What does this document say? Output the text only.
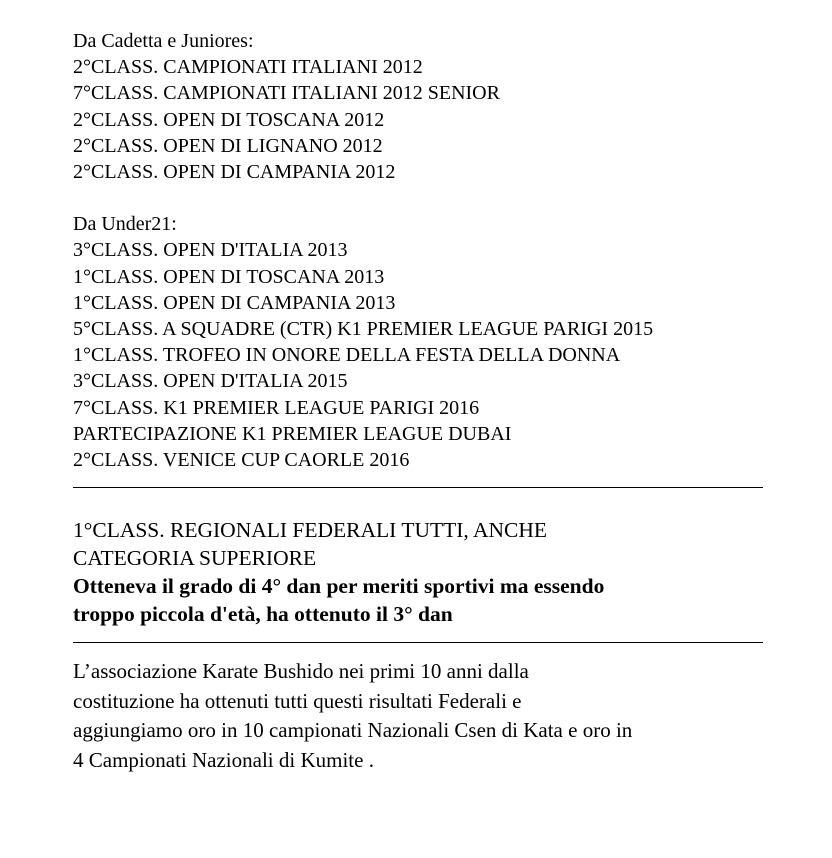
Da Cadetta e Juniores:
2°CLASS. CAMPIONATI ITALIANI 2012
7°CLASS. CAMPIONATI ITALIANI 2012 SENIOR
2°CLASS. OPEN DI TOSCANA 2012
2°CLASS. OPEN DI LIGNANO 2012
2°CLASS. OPEN DI CAMPANIA 2012
Da Under21:
3°CLASS. OPEN D'ITALIA 2013
1°CLASS. OPEN DI TOSCANA 2013
1°CLASS. OPEN DI CAMPANIA 2013
5°CLASS. A SQUADRE (CTR) K1 PREMIER LEAGUE PARIGI 2015
1°CLASS. TROFEO IN ONORE DELLA FESTA DELLA DONNA
3°CLASS. OPEN D'ITALIA 2015
7°CLASS. K1 PREMIER LEAGUE PARIGI 2016
PARTECIPAZIONE K1 PREMIER LEAGUE DUBAI
2°CLASS. VENICE CUP CAORLE 2016
1°CLASS. REGIONALI FEDERALI TUTTI, ANCHE
CATEGORIA SUPERIORE
Otteneva il grado di 4° dan per meriti sportivi ma essendo
troppo piccola d'età, ha ottenuto il 3° dan
L’associazione Karate Bushido nei primi 10 anni dalla
costituzione ha ottenuti tutti questi risultati Federali e
aggiungiamo oro in 10 campionati Nazionali Csen di Kata e oro in
4 Campionati Nazionali di Kumite .
